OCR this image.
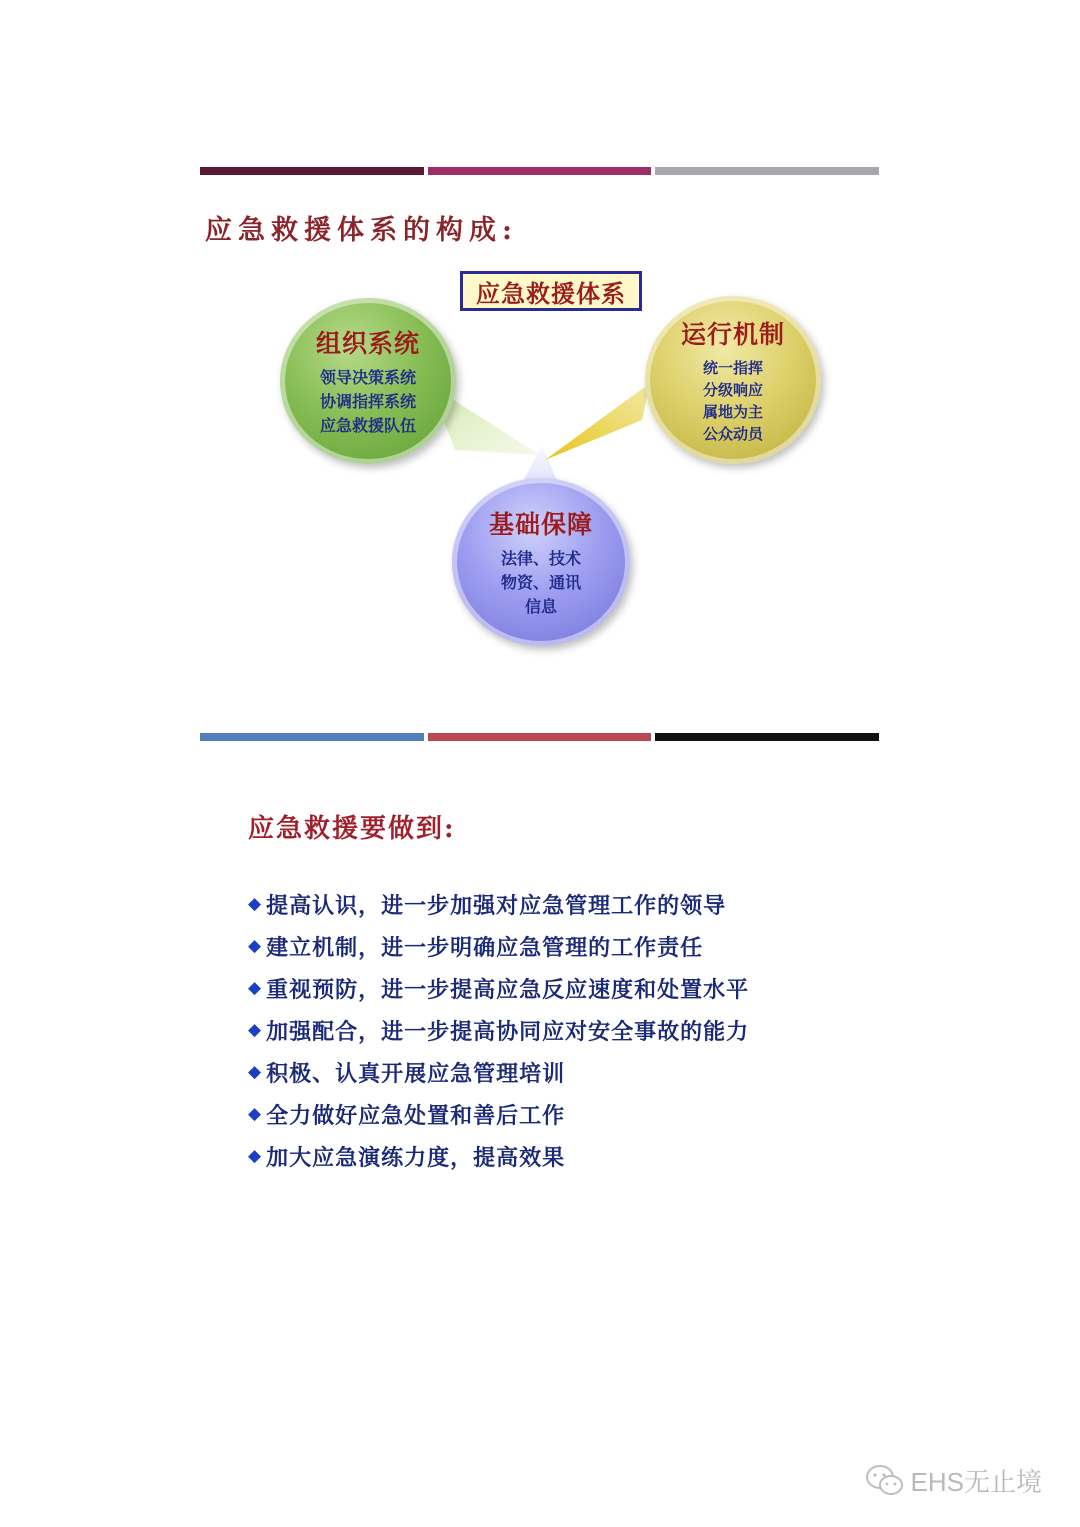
应急救援体系的构成:
应急救援体系
组织系统
领导决策系统
协调指挥系统
应急救援队伍
运行机制
统一指挥
分级响应
属地为主
公众动员
基础保障
法律、技术
物资、通讯
信息
应急救援要做到:
◆ 提高认识，进一步加强对应急管理工作的领导
◆ 建立机制，进一步明确应急管理的工作责任
◆ 重视预防，进一步提高应急反应速度和处置水平
◆ 加强配合，进一步提高协同应对安全事故的能力
◆ 积极、认真开展应急管理培训
◆ 全力做好应急处置和善后工作
◆ 加大应急演练力度，提高效果
EHS无止境
